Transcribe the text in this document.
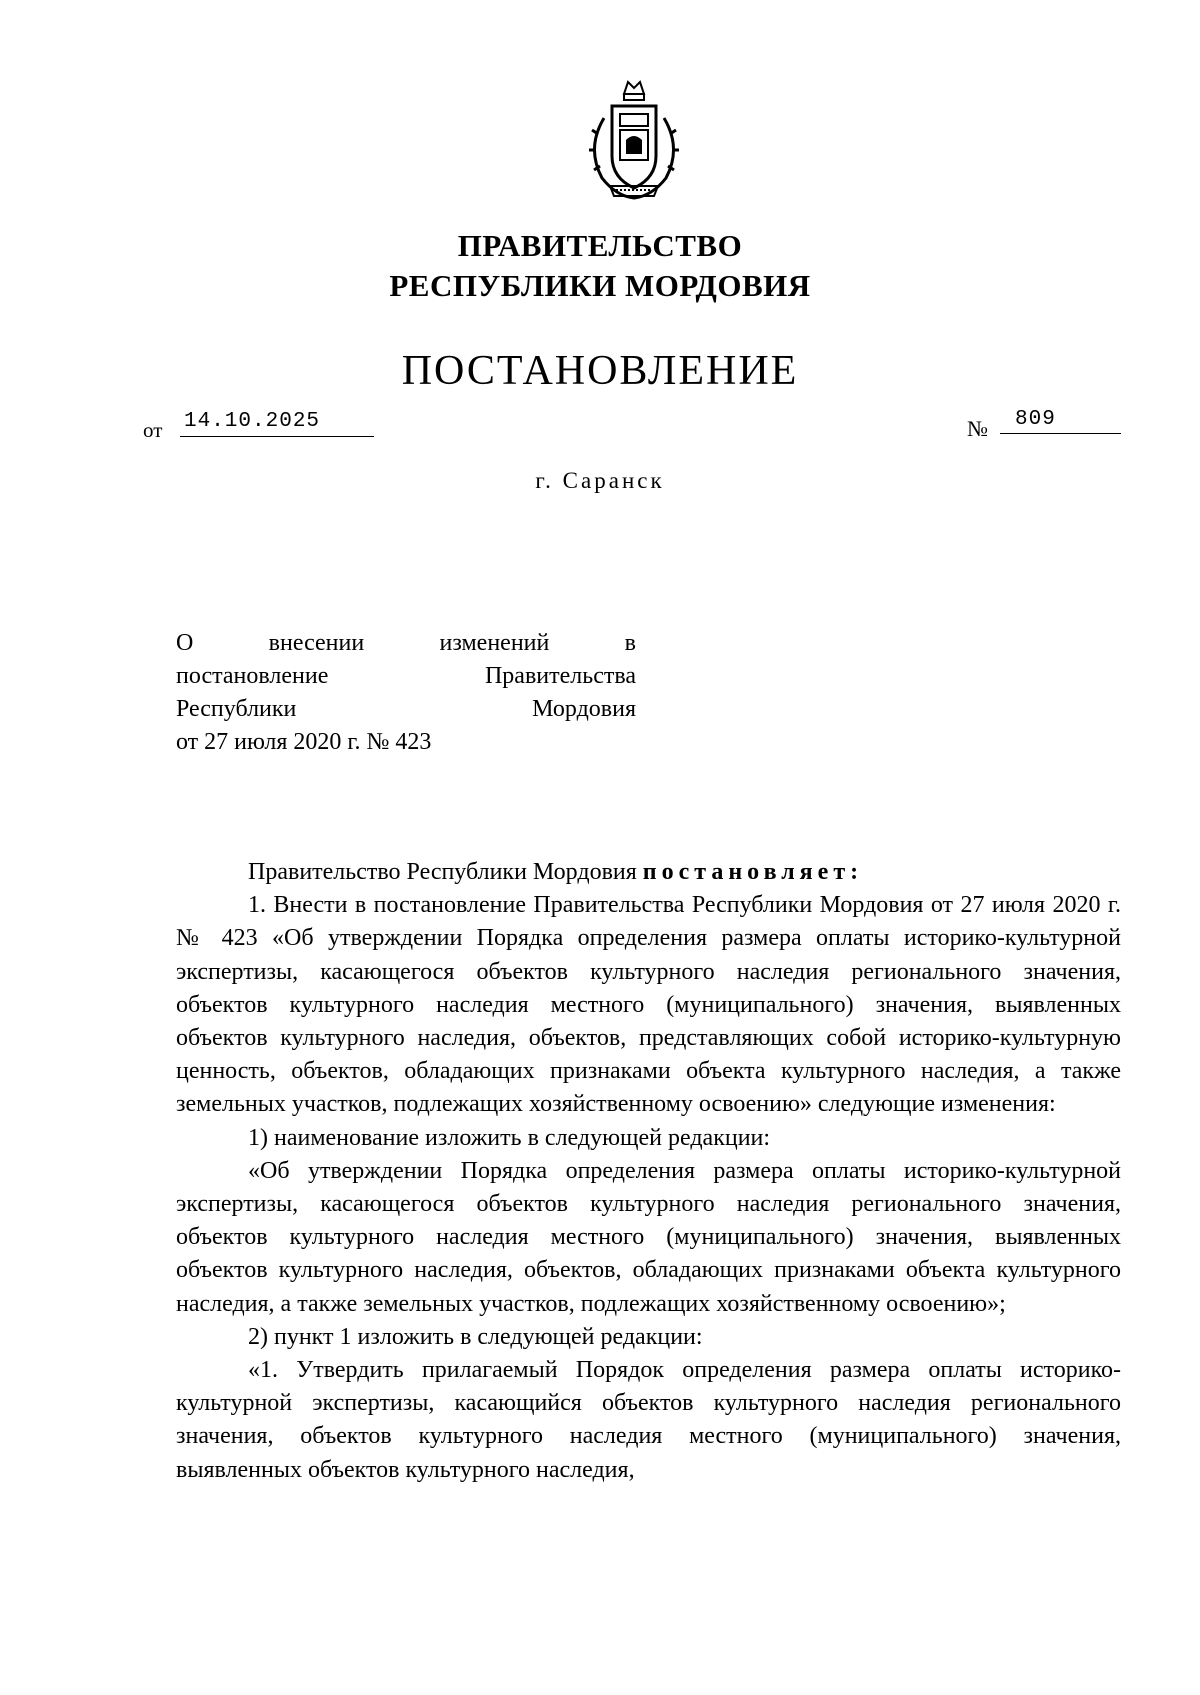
ПРАВИТЕЛЬСТВО
РЕСПУБЛИКИ МОРДОВИЯ
ПОСТАНОВЛЕНИЕ
от 14.10.2025	№	809
г. Саранск
О	внесении	изменений	в
постановление	Правительства
Республики	Мордовия
от 27 июля 2020 г. № 423

Правительство Республики Мордовия постановляет:

1. Внести в постановление Правительства Республики Мордовия от 27 июля 2020 г. № 423 «Об утверждении Порядка определения размера оплаты историко-культурной экспертизы, касающегося объектов культурного наследия регионального значения, объектов культурного наследия местного (муниципального) значения, выявленных объектов культурного наследия, объектов, представляющих собой историко-культурную ценность, объектов, обладающих признаками объекта культурного наследия, а также земельных участков, подлежащих хозяйственному освоению» следующие изменения:

1) наименование изложить в следующей редакции:

«Об утверждении Порядка определения размера оплаты историко-культурной экспертизы, касающегося объектов культурного наследия регионального значения, объектов культурного наследия местного (муниципального) значения, выявленных объектов культурного наследия, объектов, обладающих признаками объекта культурного наследия, а также земельных участков, подлежащих хозяйственному освоению»;

2) пункт 1 изложить в следующей редакции:

«1. Утвердить прилагаемый Порядок определения размера оплаты историко-культурной экспертизы, касающийся объектов культурного наследия регионального значения, объектов культурного наследия местного (муниципального) значения, выявленных объектов культурного наследия,
